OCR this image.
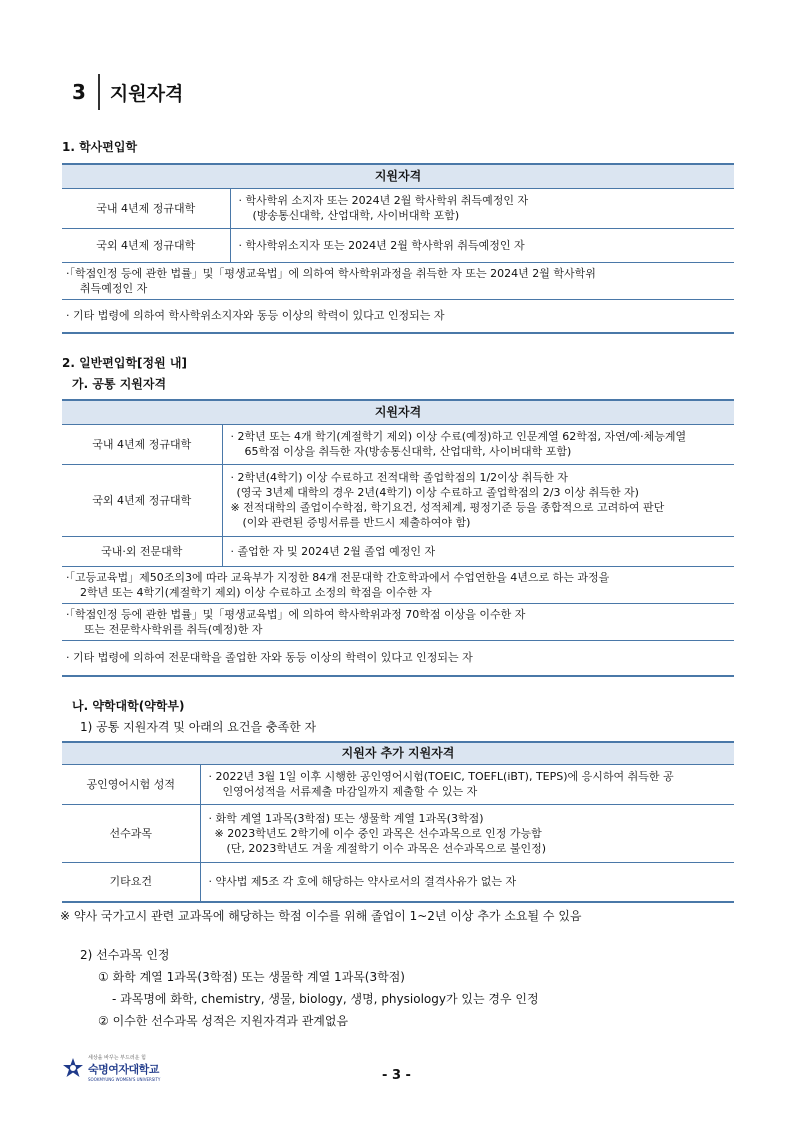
3	지원자격
1. 학사편입학
지원자격	
국내 4년제 정규대학	· 학사학위 소지자 또는 2024년 2월 학사학위 취득예정인 자
(방송통신대학, 산업대학, 사이버대학 포함)

국외 4년제 정규대학	· 학사학위소지자 또는 2024년 2월 학사학위 취득예정인 자
·「학점인정 등에 관한 법률」및「평생교육법」에 의하여 학사학위과정을 취득한 자 또는 2024년 2월 학사학위
취득예정인 자	

· 기타 법령에 의하여 학사학위소지자와 동등 이상의 학력이 있다고 인정되는 자	
2. 일반편입학[정원 내]
가. 공통 지원자격
지원자격	
국내 4년제 정규대학	· 2학년 또는 4개 학기(계절학기 제외) 이상 수료(예정)하고 인문계열 62학점, 자연/예·체능계열
65학점 이상을 취득한 자(방송통신대학, 산업대학, 사이버대학 포함)

국외 4년제 정규대학	· 2학년(4학기) 이상 수료하고 전적대학 졸업학점의 1/2이상 취득한 자
(영국 3년제 대학의 경우 2년(4학기) 이상 수료하고 졸업학점의 2/3 이상 취득한 자)
※ 전적대학의 졸업이수학점, 학기요건, 성적체계, 평정기준 등을 종합적으로 고려하여 판단
(이와 관련된 증빙서류를 반드시 제출하여야 함)

국내·외 전문대학	· 졸업한 자 및 2024년 2월 졸업 예정인 자
·「고등교육법」제50조의3에 따라 교육부가 지정한 84개 전문대학 간호학과에서 수업연한을 4년으로 하는 과정을
2학년 또는 4학기(계절학기 제외) 이상 수료하고 소정의 학점을 이수한 자	

·「학점인정 등에 관한 법률」및「평생교육법」에 의하여 학사학위과정 70학점 이상을 이수한 자
또는 전문학사학위를 취득(예정)한 자	

· 기타 법령에 의하여 전문대학을 졸업한 자와 동등 이상의 학력이 있다고 인정되는 자	
나. 약학대학(약학부)
1) 공통 지원자격 및 아래의 요건을 충족한 자
지원자 추가 지원자격	
공인영어시험 성적	· 2022년 3월 1일 이후 시행한 공인영어시험(TOEIC, TOEFL(iBT), TEPS)에 응시하여 취득한 공
인영어성적을 서류제출 마감일까지 제출할 수 있는 자

선수과목	· 화학 계열 1과목(3학점) 또는 생물학 계열 1과목(3학점)
※ 2023학년도 2학기에 이수 중인 과목은 선수과목으로 인정 가능함
(단, 2023학년도 겨울 계절학기 이수 과목은 선수과목으로 불인정)

기타요건	· 약사법 제5조 각 호에 해당하는 약사로서의 결격사유가 없는 자
※ 약사 국가고시 관련 교과목에 해당하는 학점 이수를 위해 졸업이 1~2년 이상 추가 소요될 수 있음
2) 선수과목 인정
① 화학 계열 1과목(3학점) 또는 생물학 계열 1과목(3학점)
- 과목명에 화학, chemistry, 생물, biology, 생명, physiology가 있는 경우 인정
② 이수한 선수과목 성적은 지원자격과 관계없음
세상을 바꾸는 부드러운 힘
숙명여자대학교
SOOKMYUNG WOMEN'S UNIVERSITY	- 3 -
